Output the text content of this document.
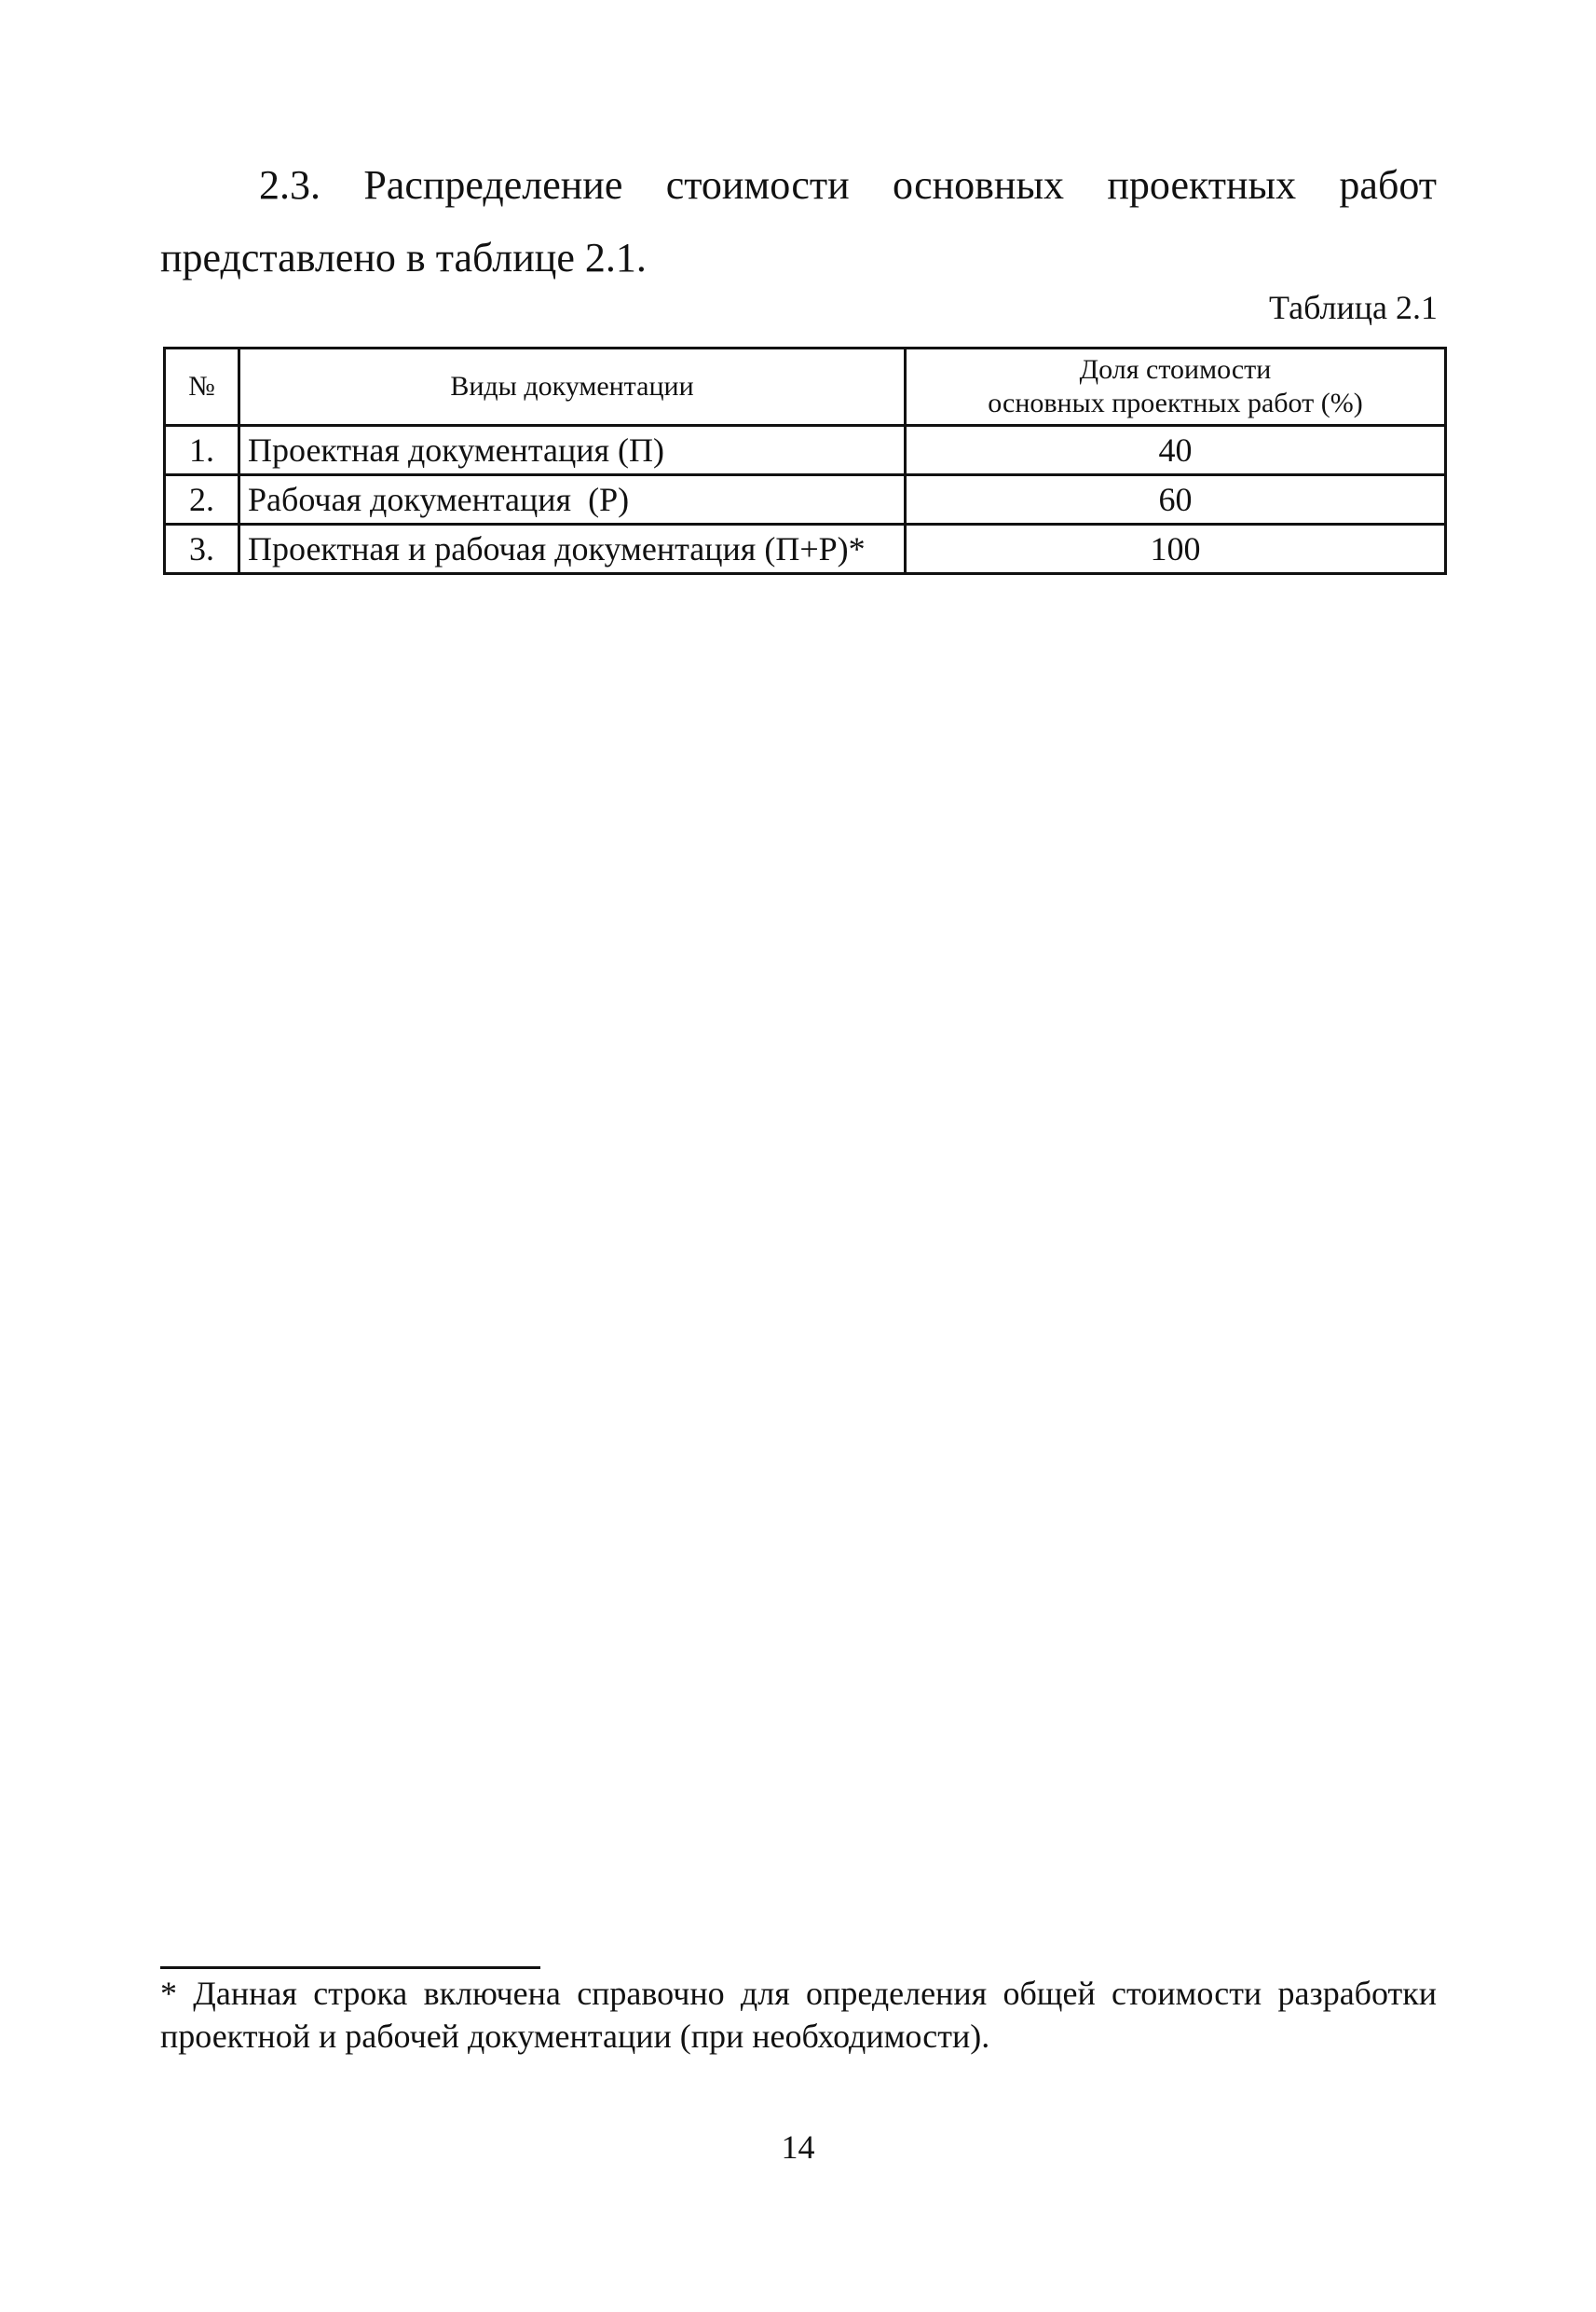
2.3. Распределение стоимости основных проектных работ представлено в таблице 2.1.

Таблица 2.1

№	Виды документации	Доля стоимости
основных проектных работ (%)

1.	Проектная документация (П)	40
2.	Рабочая документация  (Р)	60
3.	Проектная и рабочая документация (П+Р)*	100

* Данная строка включена справочно для определения общей стоимости разработки проектной и рабочей документации (при необходимости).

14
